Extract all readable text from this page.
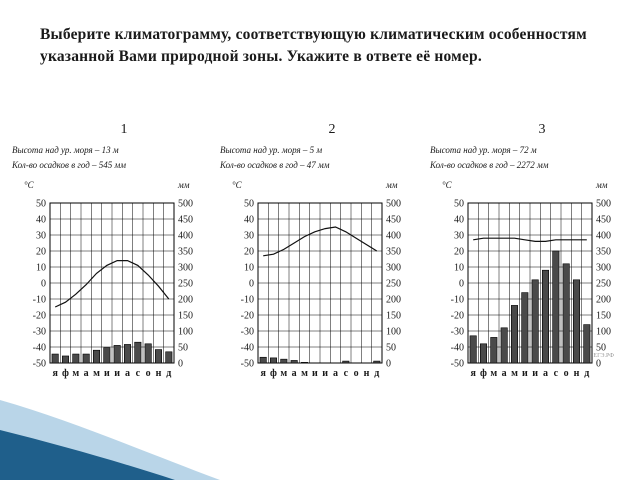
Выберите климатограмму, соответствующую климатическим особенностям указанной Вами природной зоны. Укажите в ответе её номер.

1
Высота над ур. моря – 13 м
Кол-во осадков в год – 545 мм
°С	мм
50
40
30
20
10
0
-10
-20
-30
-40
-50
500
450
400
350
300
250
200
150
100
50
0
я ф м а м и и а с о н д
2
Высота над ур. моря – 5 м
Кол-во осадков в год – 47 мм
°С	мм
50
40
30
20
10
0
-10
-20
-30
-40
-50
500
450
400
350
300
250
200
150
100
50
0
я ф м а м и и а с о н д
3
Высота над ур. моря – 72 м
Кол-во осадков в год – 2272 мм
°С	мм
50
40
30
20
10
0
-10
-20
-30
-40
-50
500
450
400
350
300
250
200
150
100
50
0
я ф м а м и и а с о н д
ЕГЭ.РФ
